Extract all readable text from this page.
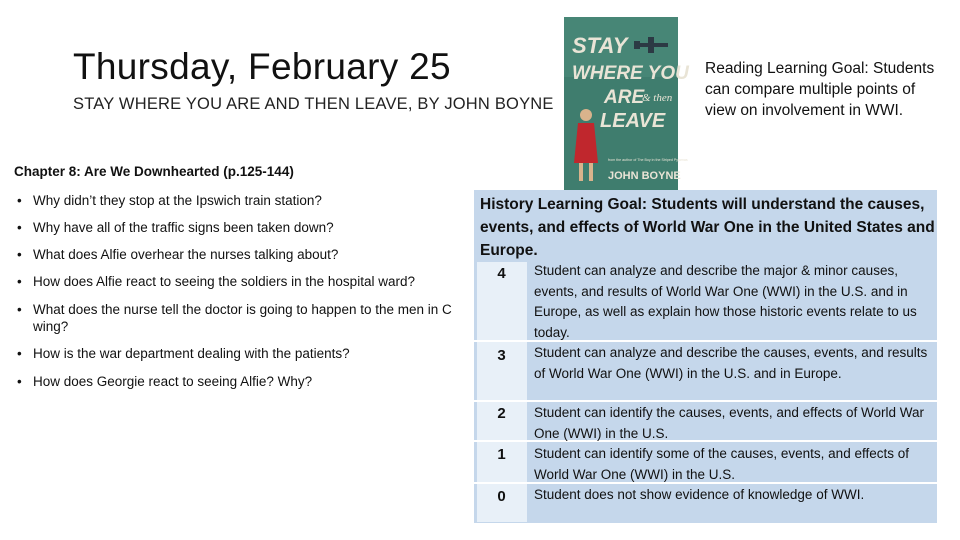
Thursday, February 25
STAY WHERE YOU ARE AND THEN LEAVE, BY JOHN BOYNE
STAY
WHERE YOU
ARE
& then
LEAVE
from the author of The Boy in the Striped Pyjamas
JOHN BOYNE
Reading Learning Goal: Students can compare multiple points of view on involvement in WWI.
Chapter 8: Are We Downhearted (p.125-144)
• Why didn’t they stop at the Ipswich train station?
• Why have all of the traffic signs been taken down?
• What does Alfie overhear the nurses talking about?
• How does Alfie react to seeing the soldiers in the hospital ward?
• What does the nurse tell the doctor is going to happen to the men in C wing?
• How is the war department dealing with the patients?
• How does Georgie react to seeing Alfie? Why?
History Learning Goal: Students will understand the causes, events, and effects of World War One in the United States and Europe.
4	Student can analyze and describe the major & minor causes, events, and results of World War One (WWI) in the U.S. and in Europe, as well as explain how those historic events relate to us today.
3	Student can analyze and describe the causes, events, and results of World War One (WWI) in the U.S. and in Europe.
2	Student can identify the causes, events, and effects of World War One (WWI) in the U.S.
1	Student can identify some of the causes, events, and effects of World War One (WWI) in the U.S.
0	Student does not show evidence of knowledge of WWI.
